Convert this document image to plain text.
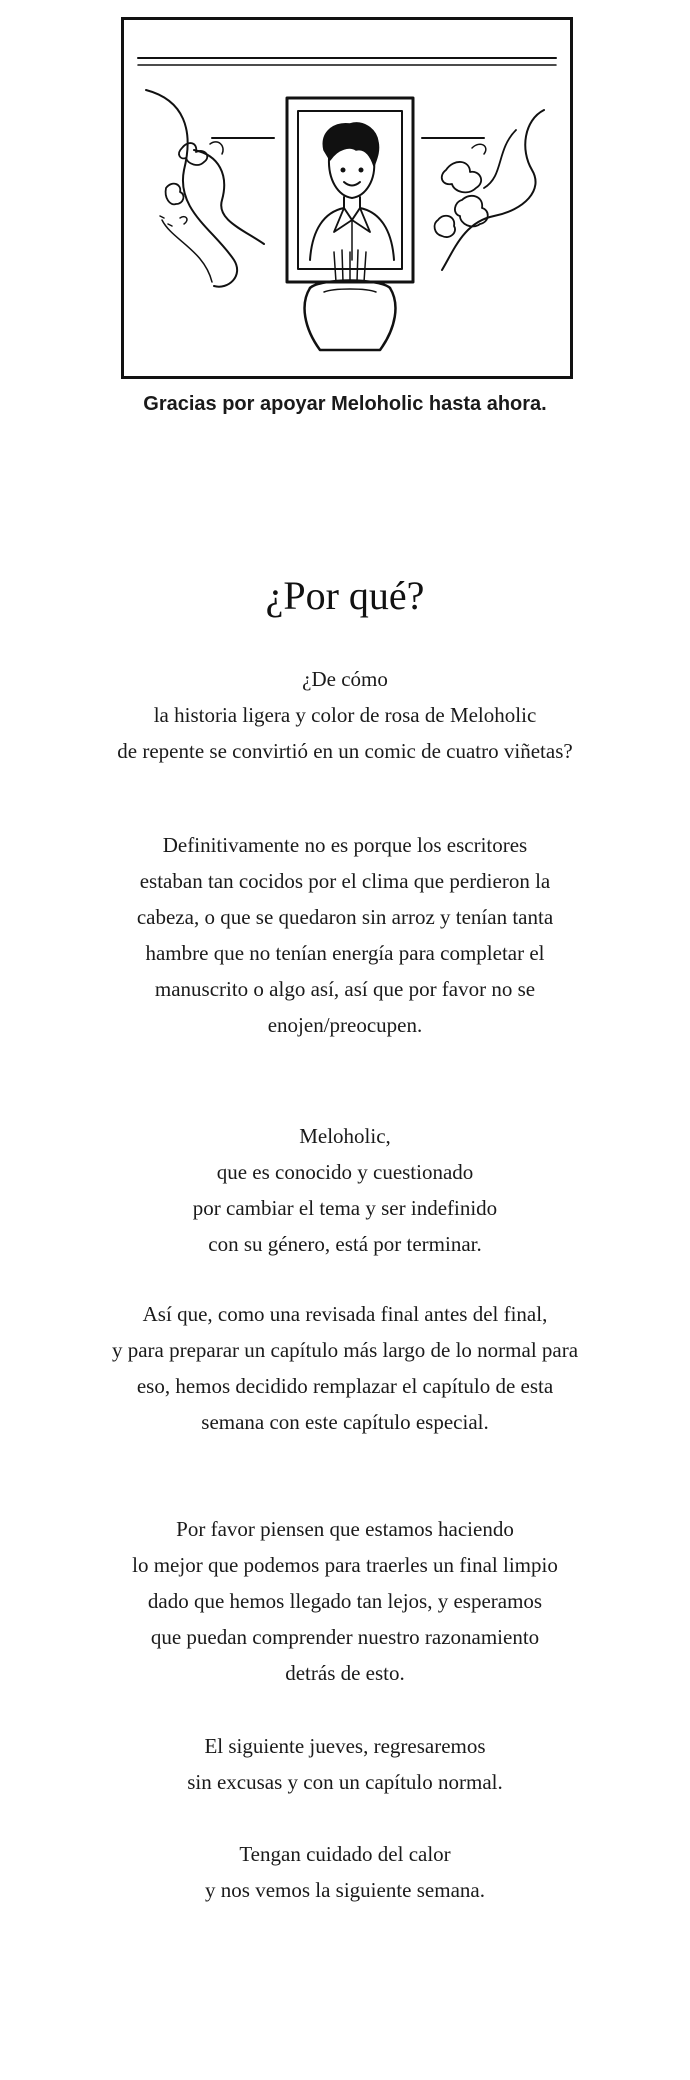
Gracias por apoyar Meloholic hasta ahora.
¿Por qué?

¿De cómo
la historia ligera y color de rosa de Meloholic
de repente se convirtió en un comic de cuatro viñetas?

Definitivamente no es porque los escritores
estaban tan cocidos por el clima que perdieron la
cabeza, o que se quedaron sin arroz y tenían tanta
hambre que no tenían energía para completar el
manuscrito o algo así, así que por favor no se
enojen/preocupen.

Meloholic,
que es conocido y cuestionado
por cambiar el tema y ser indefinido
con su género, está por terminar.

Así que, como una revisada final antes del final,
y para preparar un capítulo más largo de lo normal para
eso, hemos decidido remplazar el capítulo de esta
semana con este capítulo especial.

Por favor piensen que estamos haciendo
lo mejor que podemos para traerles un final limpio
dado que hemos llegado tan lejos, y esperamos
que puedan comprender nuestro razonamiento
detrás de esto.

El siguiente jueves, regresaremos
sin excusas y con un capítulo normal.

Tengan cuidado del calor
y nos vemos la siguiente semana.
